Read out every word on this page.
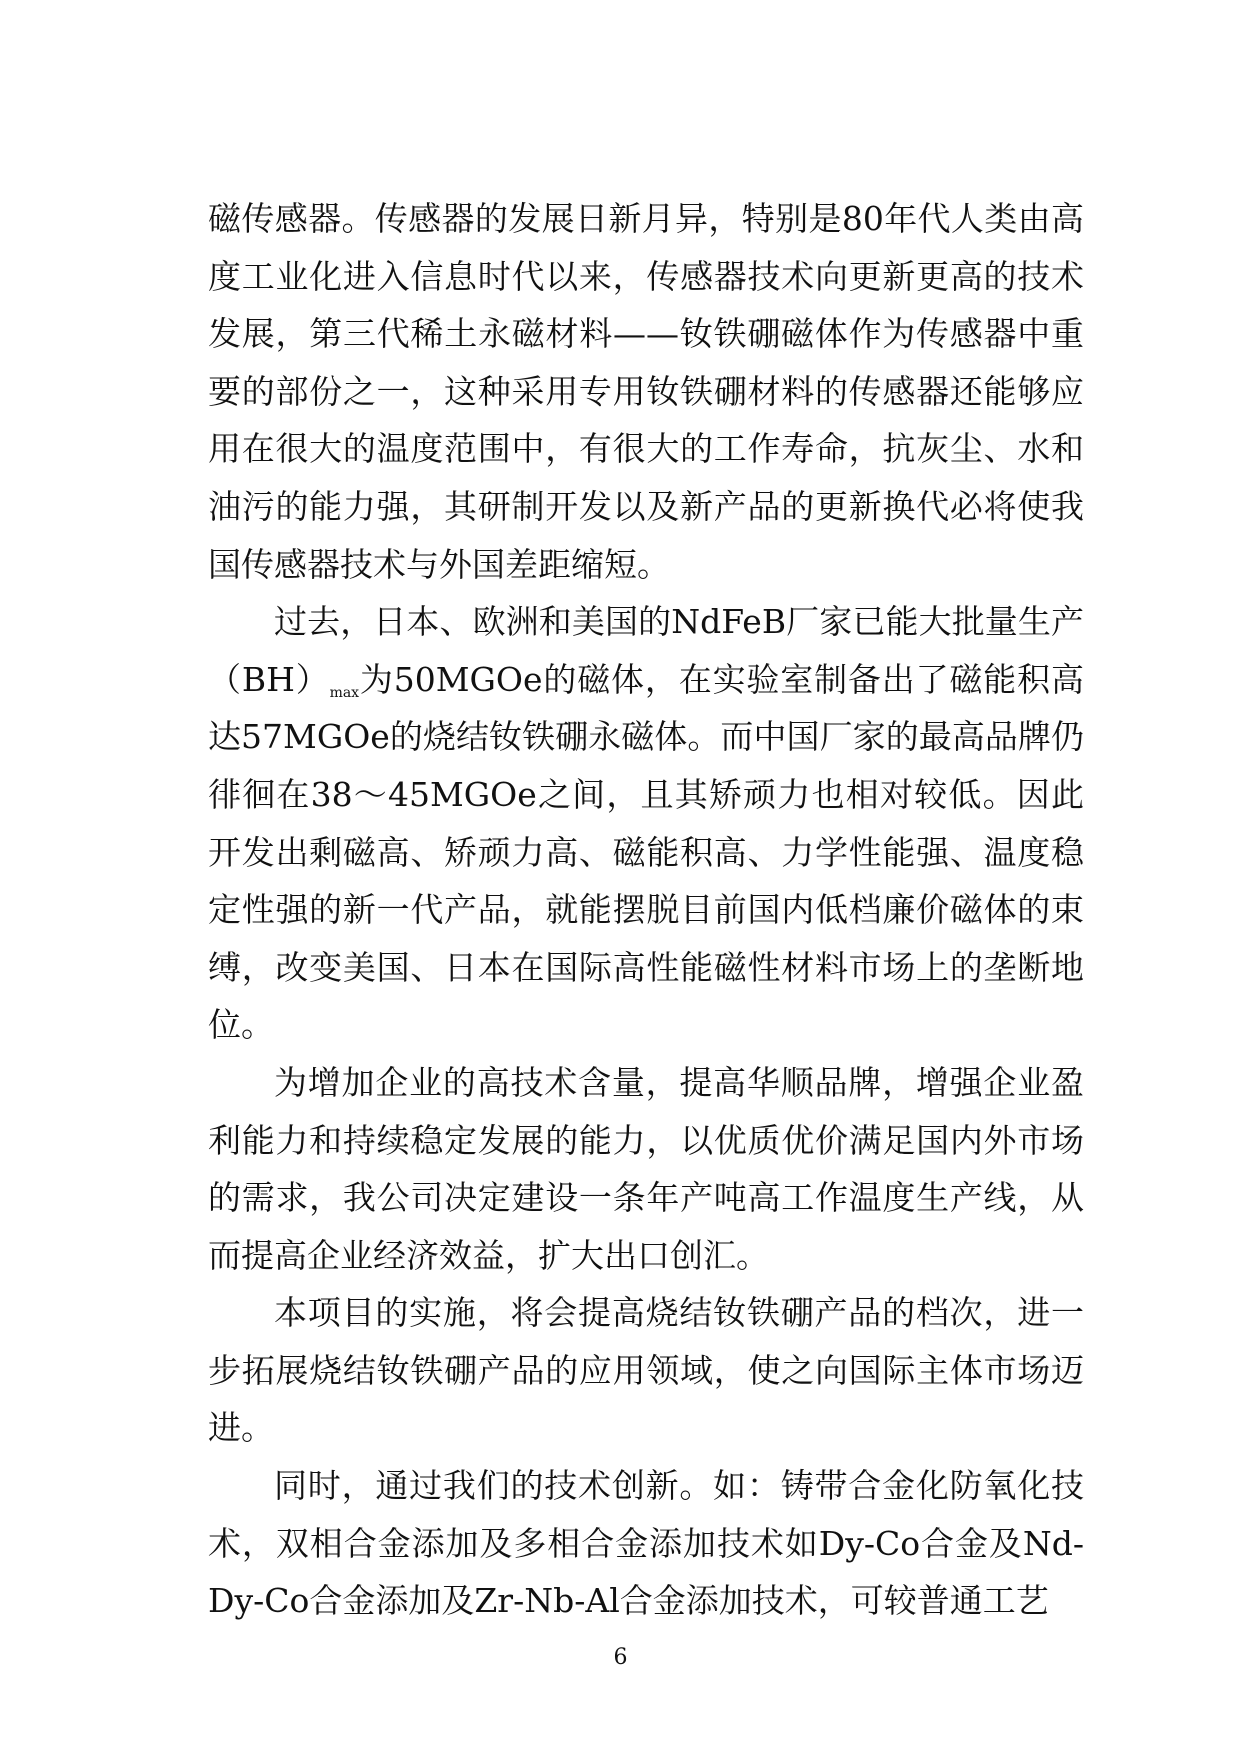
磁传感器。传感器的发展日新月异，特别是80年代人类由高度工业化进入信息时代以来，传感器技术向更新更高的技术发展，第三代稀土永磁材料——钕铁硼磁体作为传感器中重要的部份之一，这种采用专用钕铁硼材料的传感器还能够应用在很大的温度范围中，有很大的工作寿命，抗灰尘、水和油污的能力强，其研制开发以及新产品的更新换代必将使我国传感器技术与外国差距缩短。

过去，日本、欧洲和美国的NdFeB厂家已能大批量生产$(BH)_{max}$为50MGOe的磁体，在实验室制备出了磁能积高达57MGOe的烧结钕铁硼永磁体。而中国厂家的最高品牌仍徘徊在38～45MGOe之间，且其矫顽力也相对较低。因此开发出剩磁高、矫顽力高、磁能积高、力学性能强、温度稳定性强的新一代产品，就能摆脱目前国内低档廉价磁体的束缚，改变美国、日本在国际高性能磁性材料市场上的垄断地位。

为增加企业的高技术含量，提高华顺品牌，增强企业盈利能力和持续稳定发展的能力，以优质优价满足国内外市场的需求，我公司决定建设一条年产吨高工作温度生产线，从而提高企业经济效益，扩大出口创汇。

本项目的实施，将会提高烧结钕铁硼产品的档次，进一步拓展烧结钕铁硼产品的应用领域，使之向国际主体市场迈进。

同时，通过我们的技术创新。如：铸带合金化防氧化技术，双相合金添加及多相合金添加技术如Dy-Co合金及Nd-Dy-Co合金添加及Zr-Nb-Al合金添加技术，可较普通工艺

6
